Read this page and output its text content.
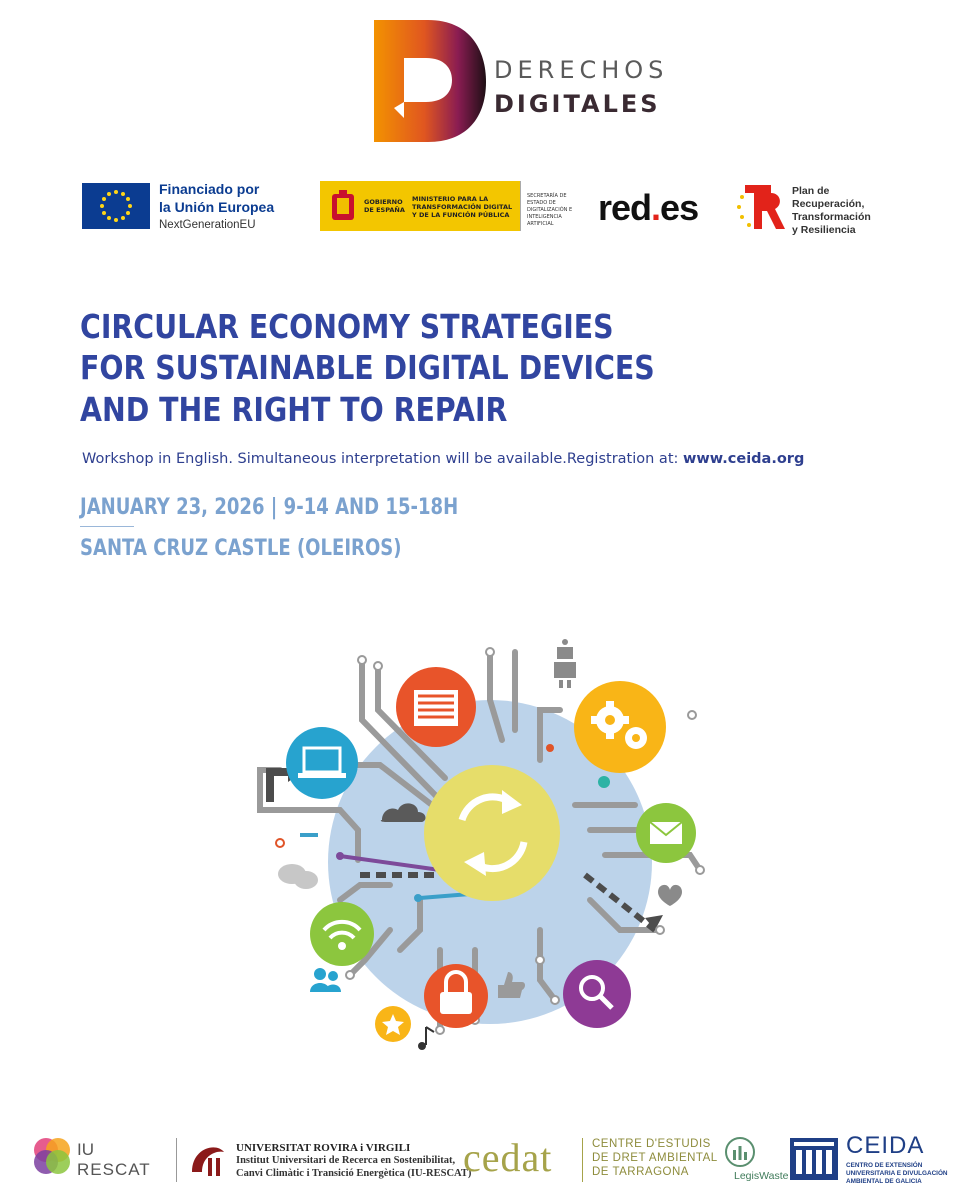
DERECHOS
DIGITALES
Financiado por
la Unión Europea
NextGenerationEU
GOBIERNO DE ESPAÑA
MINISTERIO PARA LA TRANSFORMACIÓN DIGITAL Y DE LA FUNCIÓN PÚBLICA
SECRETARÍA DE ESTADO DE DIGITALIZACIÓN E INTELIGENCIA ARTIFICIAL	red.es	Plan de
Recuperación,
Transformación
y Resiliencia
CIRCULAR ECONOMY STRATEGIES
FOR SUSTAINABLE DIGITAL DEVICES
AND THE RIGHT TO REPAIR
Workshop in English. Simultaneous interpretation will be available.Registration at: www.ceida.org
JANUARY 23, 2026 | 9-14 AND 15-18H
SANTA CRUZ CASTLE (OLEIROS)
IU
RESCAT
UNIVERSITAT ROVIRA i VIRGILI
Institut Universitari de Recerca en Sostenibilitat,
Canvi Climàtic i Transició Energètica (IU-RESCAT)
cedat	CENTRE D'ESTUDIS
DE DRET AMBIENTAL
DE TARRAGONA	LegisWaste
CEIDA
CENTRO DE EXTENSIÓN
UNIVERSITARIA E DIVULGACIÓN
AMBIENTAL DE GALICIA
